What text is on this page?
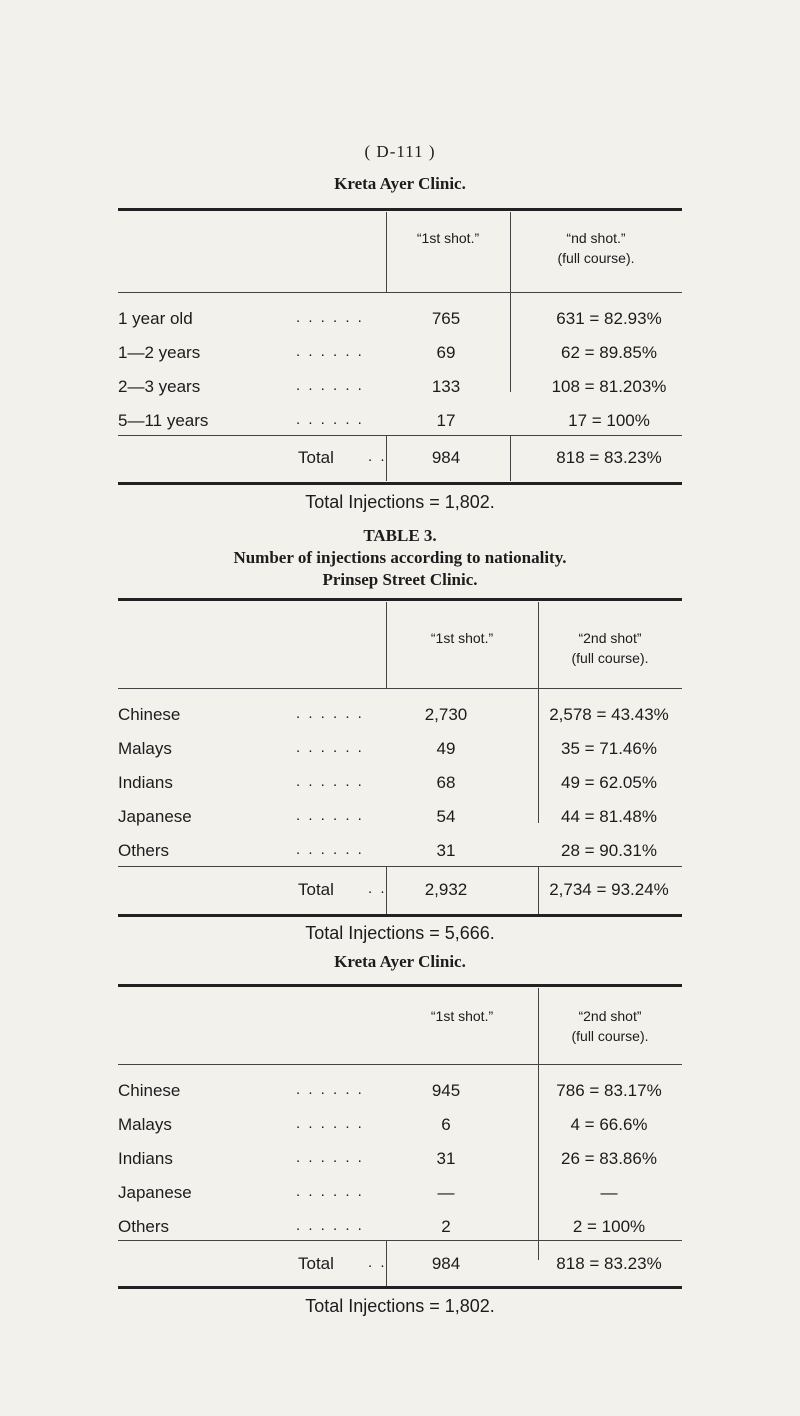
( D-111 )
Kreta Ayer Clinic.
“1st shot.”	“nd shot.”
(full course).
1 year old	. . . . . .	765	631 = 82.93%
1—2 years	. . . . . .	69	62 = 89.85%
2—3 years	. . . . . .	133	108 = 81.203%
5—11 years	. . . . . .	17	17 = 100%
Total . .	984	818 = 83.23%
Total Injections = 1,802.
TABLE 3.
Number of injections according to nationality.
Prinsep Street Clinic.
“1st shot.”	“2nd shot”
(full course).
Chinese	. . . . . .	2,730	2,578 = 43.43%
Malays	. . . . . .	49	35 = 71.46%
Indians	. . . . . .	68	49 = 62.05%
Japanese	. . . . . .	54	44 = 81.48%
Others	. . . . . .	31	28 = 90.31%
Total . .	2,932	2,734 = 93.24%
Total Injections = 5,666.
Kreta Ayer Clinic.
“1st shot.”	“2nd shot”
(full course).
Chinese	. . . . . .	945	786 = 83.17%
Malays	. . . . . .	6	4 = 66.6%
Indians	. . . . . .	31	26 = 83.86%
Japanese	. . . . . .	—	—
Others	. . . . . .	2	2 = 100%
Total . .	984	818 = 83.23%
Total Injections = 1,802.
